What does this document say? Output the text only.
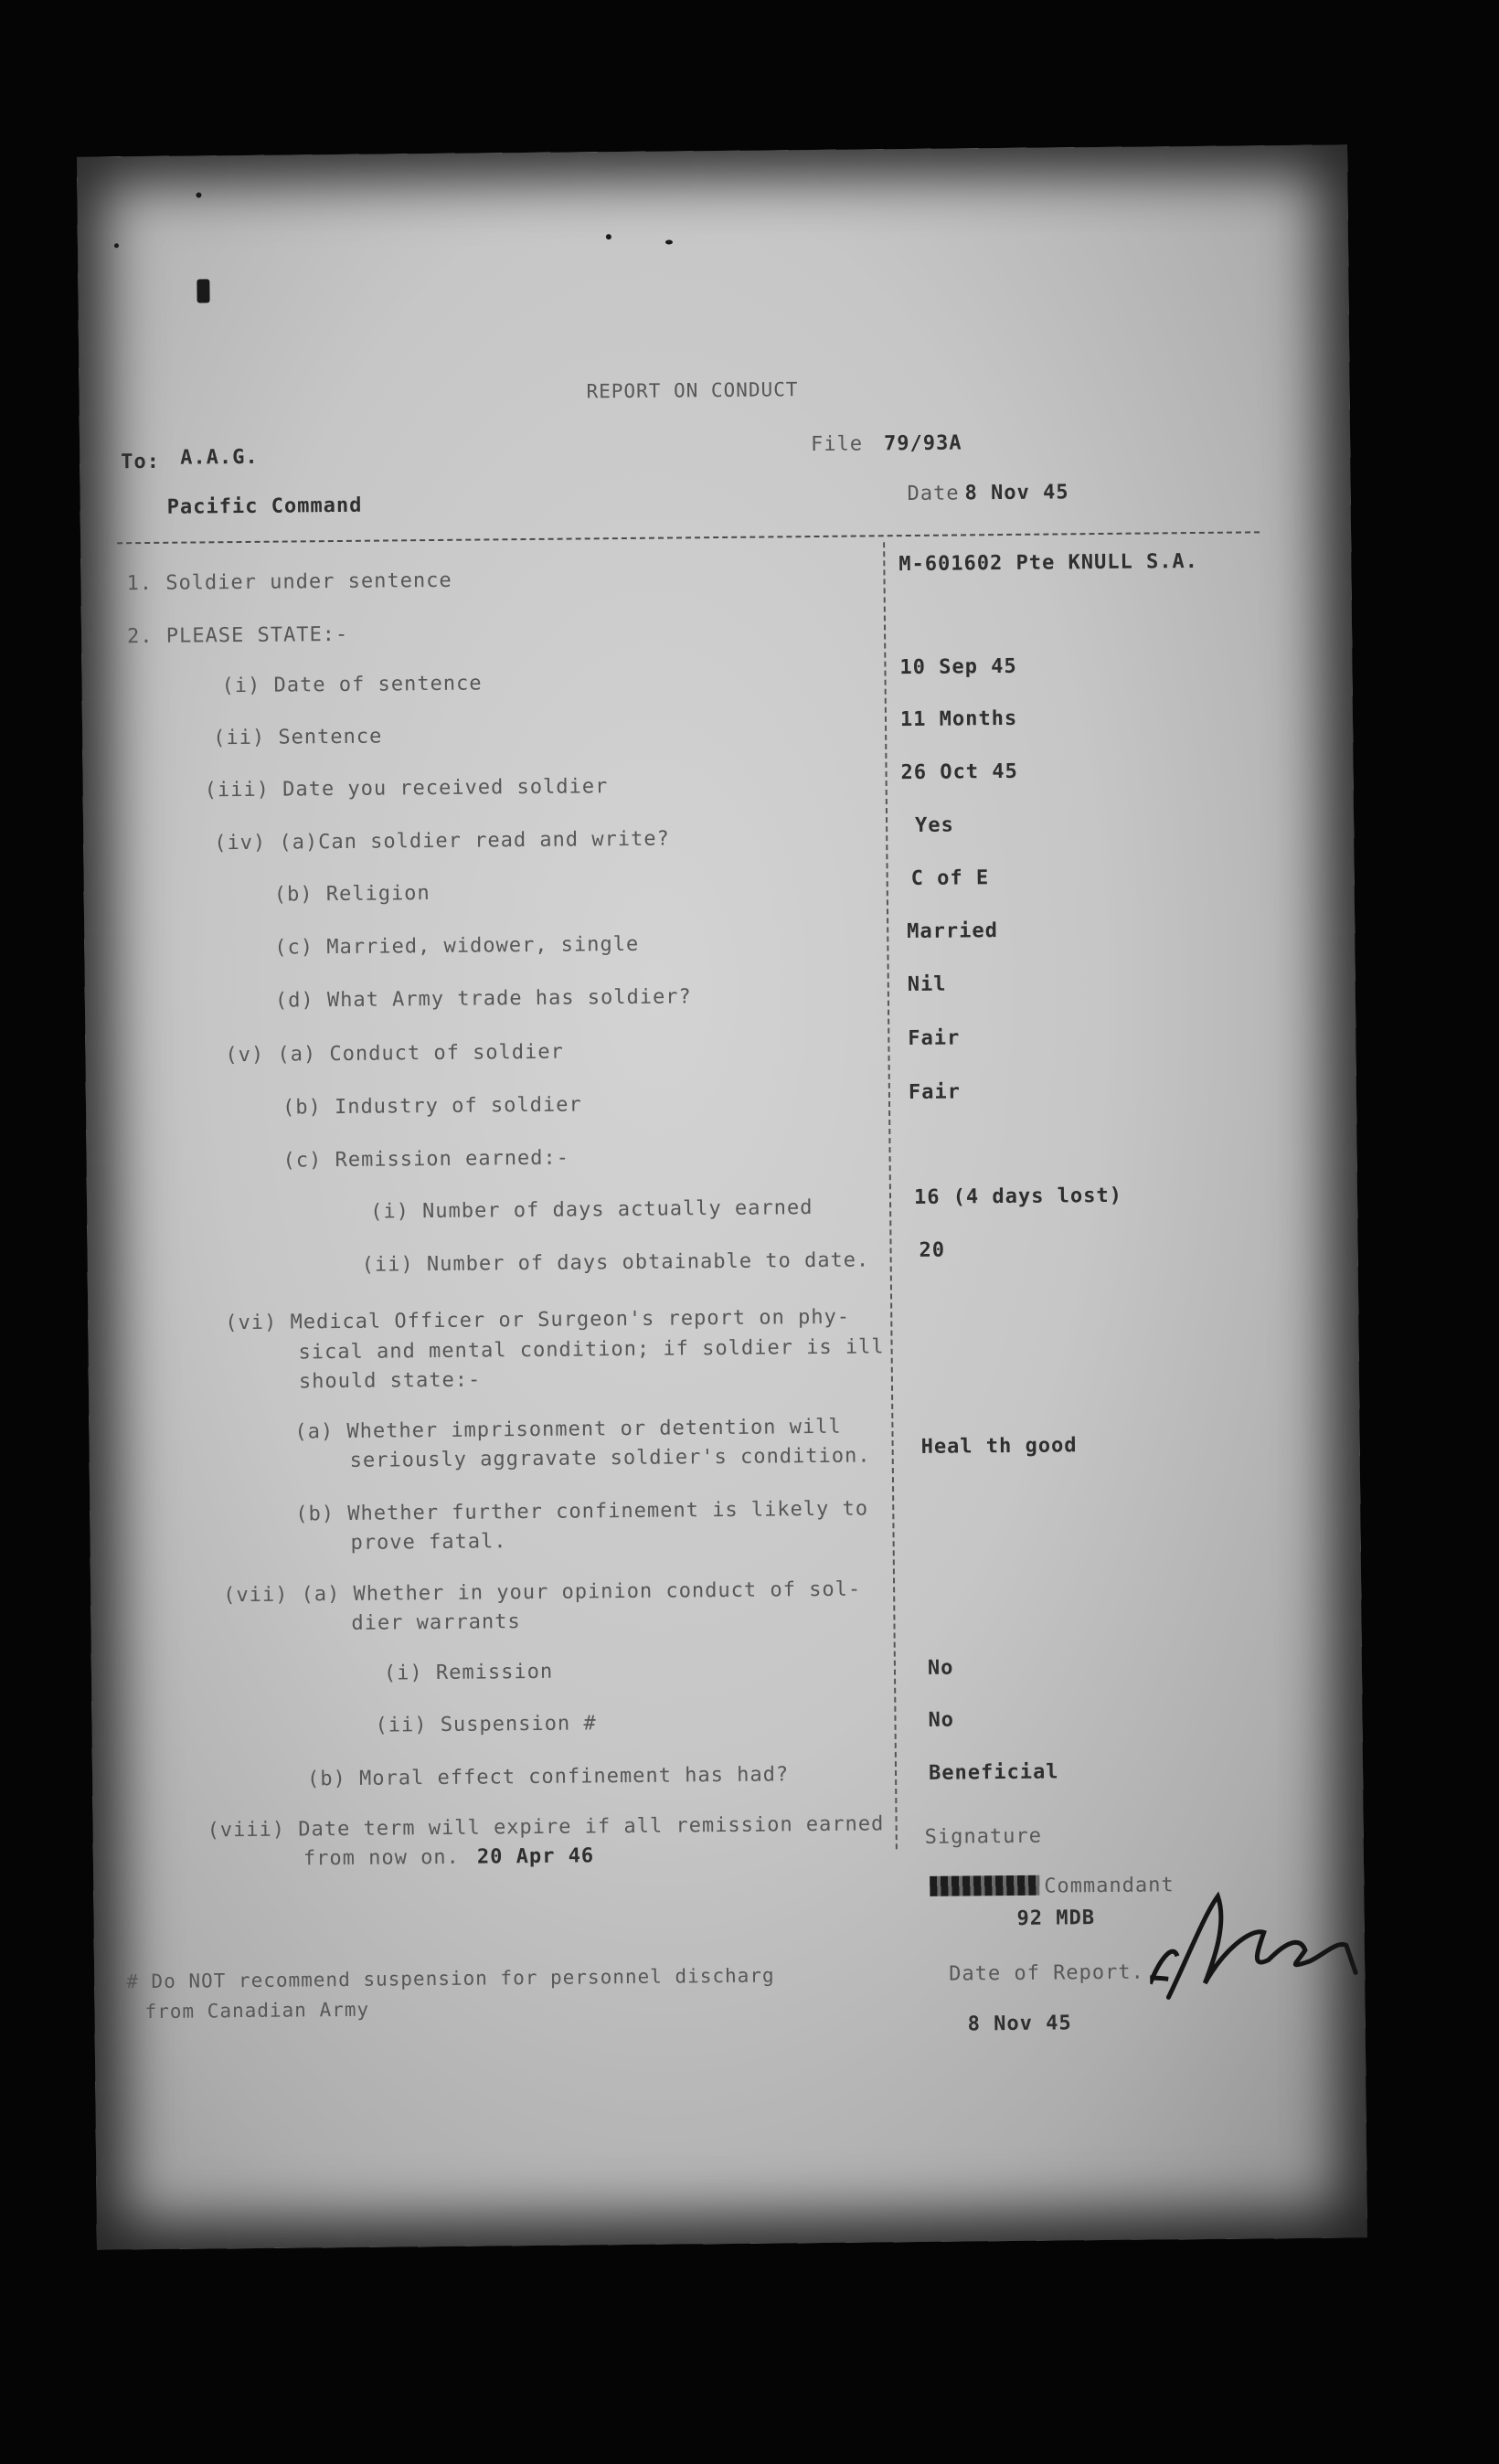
REPORT ON CONDUCT
To: A.A.G.
Pacific Command
File 79/93A
Date 8 Nov 45
1. Soldier under sentence
2. PLEASE STATE:-
(i) Date of sentence
(ii) Sentence
(iii) Date you received soldier
(iv) (a)Can soldier read and write?
(b) Religion
(c) Married, widower, single
(d) What Army trade has soldier?
(v) (a) Conduct of soldier
(b) Industry of soldier
(c) Remission earned:-
(i) Number of days actually earned
(ii) Number of days obtainable to date.
(vi) Medical Officer or Surgeon's report on phy-
sical and mental condition; if soldier is ill
should state:-
(a) Whether imprisonment or detention will
seriously aggravate soldier's condition.
(b) Whether further confinement is likely to
prove fatal.
(vii) (a) Whether in your opinion conduct of sol-
dier warrants
(i) Remission
(ii) Suspension #
(b) Moral effect confinement has had?
(viii) Date term will expire if all remission earned
from now on. 20 Apr 46
M-601602 Pte KNULL S.A.
10 Sep 45
11 Months
26 Oct 45
Yes
C of E
Married
Nil
Fair
Fair
16 (4 days lost)
20
Heal th good
No
No
Beneficial
Signature
Commandant
92 MDB
Date of Report.
8 Nov 45
# Do NOT recommend suspension for personnel discharg
from Canadian Army
